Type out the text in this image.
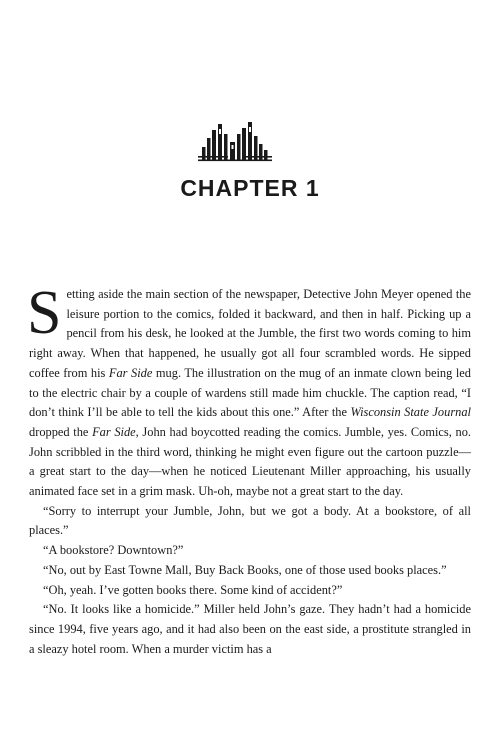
CHAPTER 1

Setting aside the main section of the newspaper, Detective John Meyer opened the leisure portion to the comics, folded it backward, and then in half. Picking up a pencil from his desk, he looked at the Jumble, the first two words coming to him right away. When that happened, he usually got all four scrambled words. He sipped coffee from his Far Side mug. The illustration on the mug of an inmate clown being led to the electric chair by a couple of wardens still made him chuckle. The caption read, “I don’t think I’ll be able to tell the kids about this one.” After the Wisconsin State Journal dropped the Far Side, John had boycotted reading the comics. Jumble, yes. Comics, no. John scribbled in the third word, thinking he might even figure out the cartoon puzzle—a great start to the day—when he noticed Lieutenant Miller approaching, his usually animated face set in a grim mask. Uh-oh, maybe not a great start to the day.

“Sorry to interrupt your Jumble, John, but we got a body. At a bookstore, of all places.”

“A bookstore? Downtown?”

“No, out by East Towne Mall, Buy Back Books, one of those used books places.”

“Oh, yeah. I’ve gotten books there. Some kind of accident?”

“No. It looks like a homicide.” Miller held John’s gaze. They hadn’t had a homicide since 1994, five years ago, and it had also been on the east side, a prostitute strangled in a sleazy hotel room. When a murder victim has a
